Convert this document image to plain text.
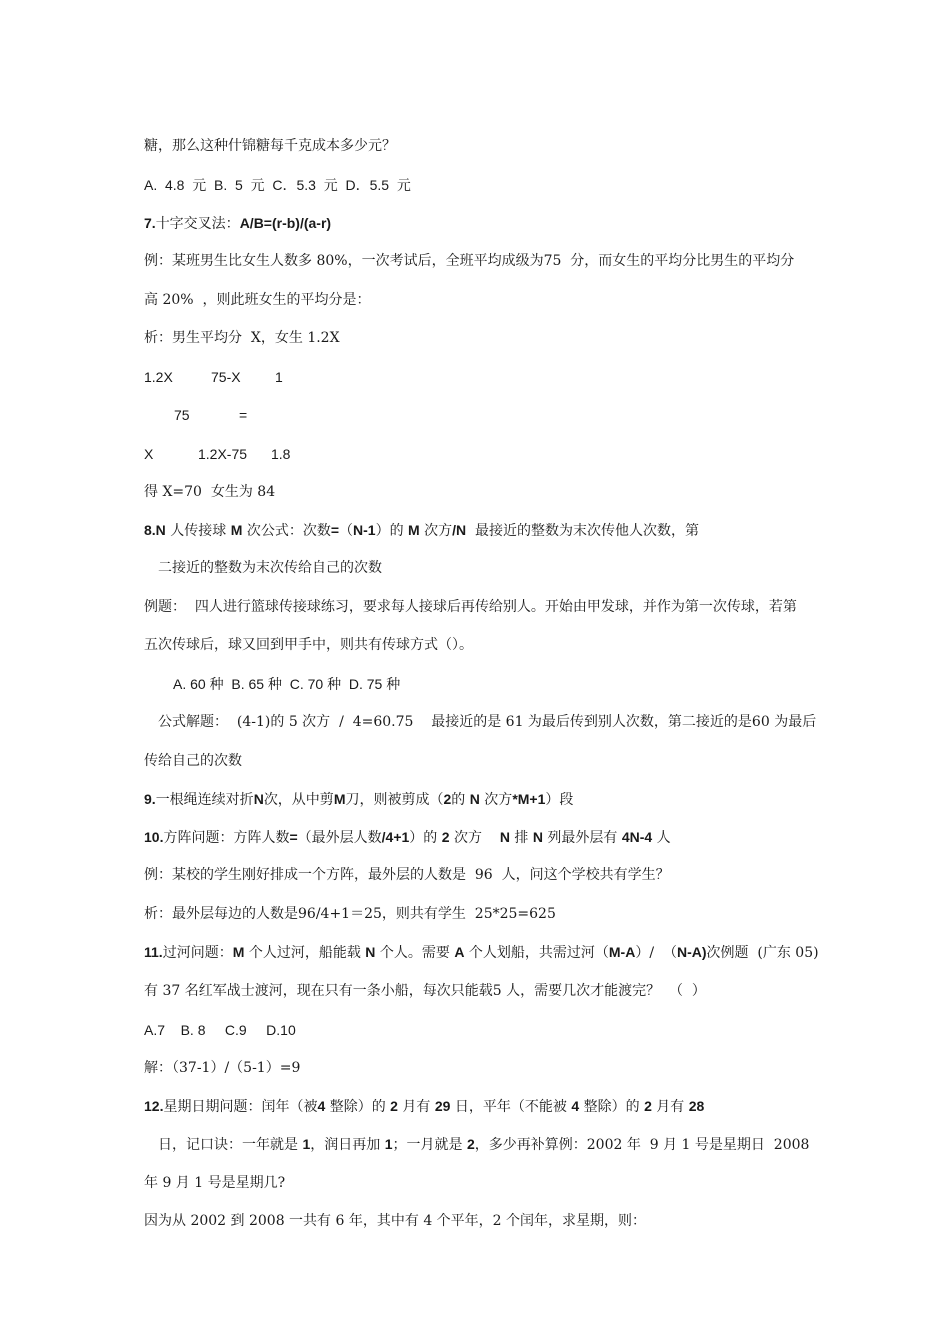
糖，那么这种什锦糖每千克成本多少元？
A.  4.8  元  B.  5  元  C．5.3  元  D．5.5  元
7.十字交叉法：A/B=(r-b)/(a-r)
例：某班男生比女生人数多 80%，一次考试后，全班平均成级为75  分，而女生的平均分比男生的平均分
高 20%  ，则此班女生的平均分是：
析：男生平均分  X，女生 1.2X
1.2X	75-X 1
75	=
X	1.2X-75 1.8
得 X=70  女生为 84
8.N 人传接球 M 次公式：次数=（N-1）的 M 次方/N  最接近的整数为末次传他人次数，第
二接近的整数为末次传给自己的次数
例题：  四人进行篮球传接球练习，要求每人接球后再传给别人。开始由甲发球，并作为第一次传球，若第
五次传球后，球又回到甲手中，则共有传球方式（）。
A. 60 种  B. 65 种  C. 70 种  D. 75 种
公式解题：  (4-1)的 5 次方  /  4=60.75    最接近的是 61 为最后传到别人次数，第二接近的是60 为最后
传给自己的次数
9.一根绳连续对折N次，从中剪M刀，则被剪成（2的 N 次方*M+1）段
10.方阵问题：方阵人数=（最外层人数/4+1）的 2 次方    N 排 N 列最外层有 4N-4 人
例：某校的学生刚好排成一个方阵，最外层的人数是  96  人，问这个学校共有学生？
析：最外层每边的人数是96/4+1＝25，则共有学生  25*25=625
11.过河问题：M 个人过河，船能载 N 个人。需要 A 个人划船，共需过河（M-A）/  （N-A)次例题  (广东 05)
有 37 名红军战士渡河，现在只有一条小船，每次只能载5 人，需要几次才能渡完？  （  ）
A.7    B. 8     C.9     D.10
解：（37-1）/（5-1）=9
12.星期日期问题：闰年（被4 整除）的 2 月有 29 日，平年（不能被 4 整除）的 2 月有 28
日，记口诀：一年就是 1，润日再加 1；一月就是 2，多少再补算例：2002 年  9 月 1 号是星期日  2008
年 9 月 1 号是星期几?
因为从 2002 到 2008 一共有 6 年，其中有 4 个平年，2 个闰年，求星期，则：
